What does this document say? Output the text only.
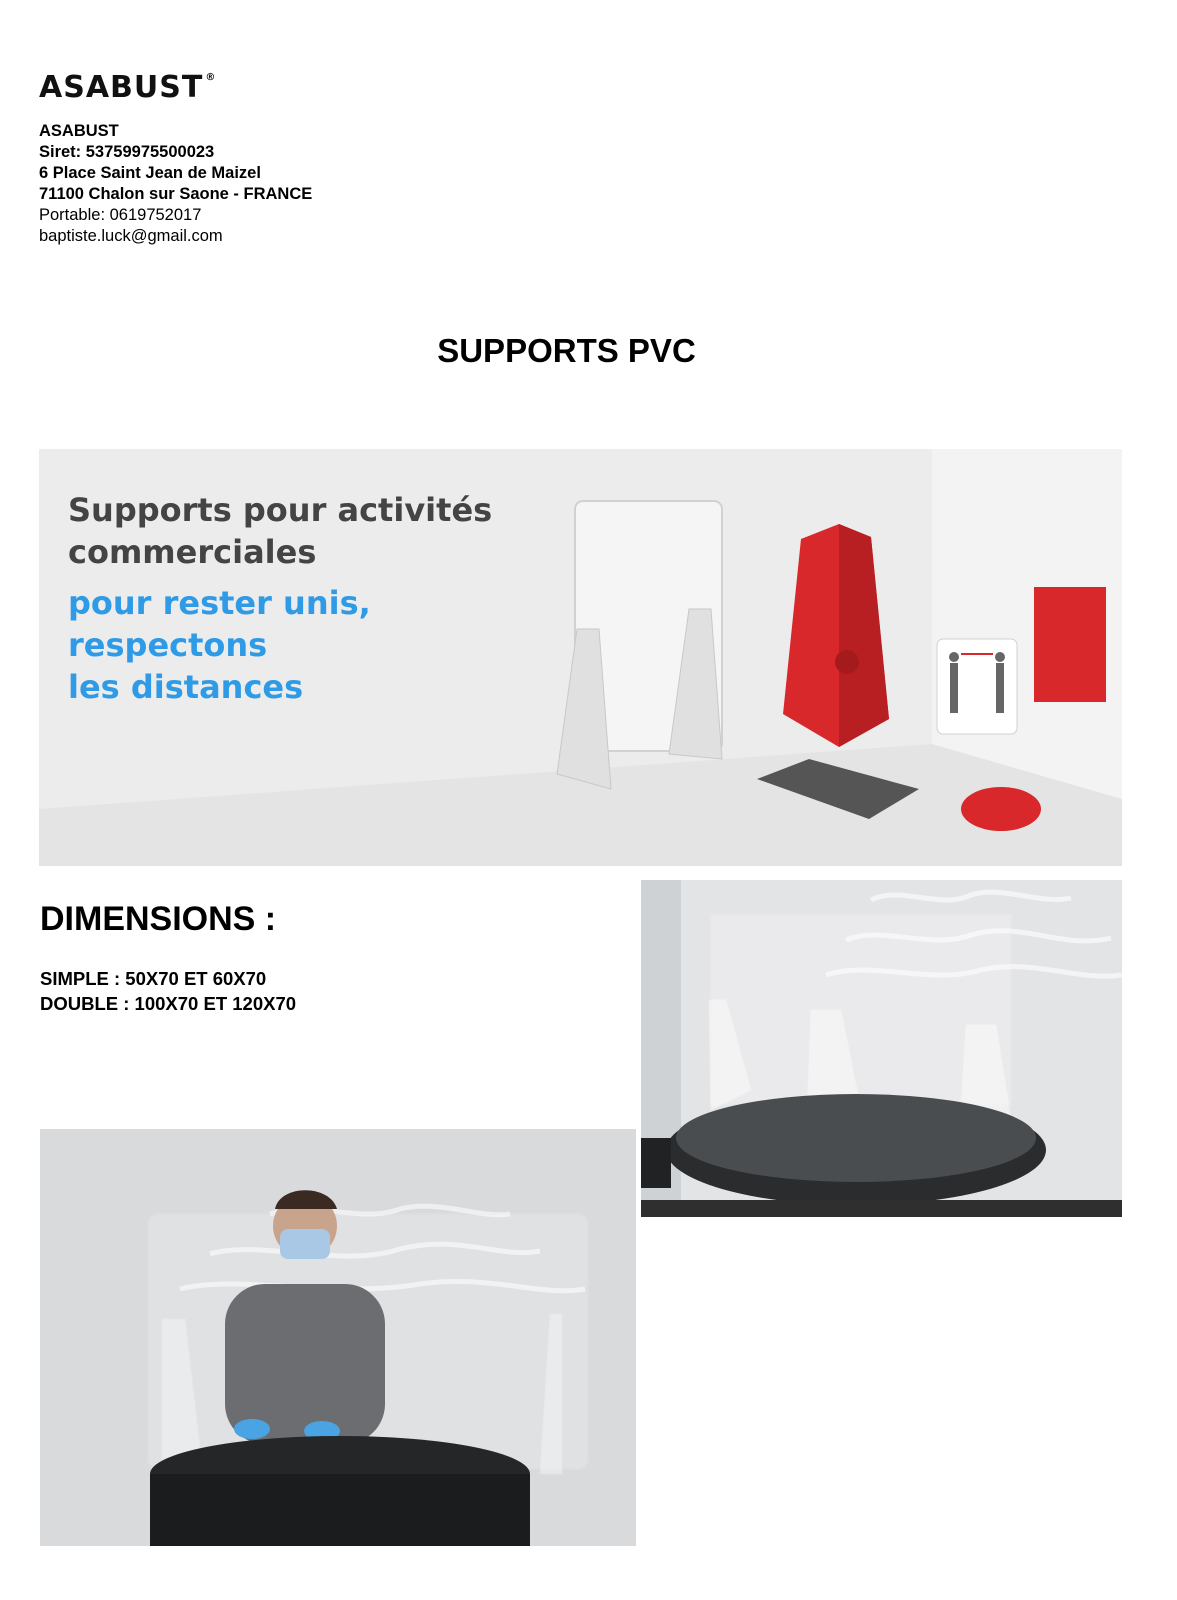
ASABUST ®
ASABUST
Siret: 53759975500023
6 Place Saint Jean de Maizel
71100 Chalon sur Saone - FRANCE
Portable: 0619752017
baptiste.luck@gmail.com
SUPPORTS PVC
Supports pour activités
commerciales
pour rester unis,
respectons
les distances
DIMENSIONS :
SIMPLE : 50X70 ET 60X70
DOUBLE : 100X70 ET 120X70
